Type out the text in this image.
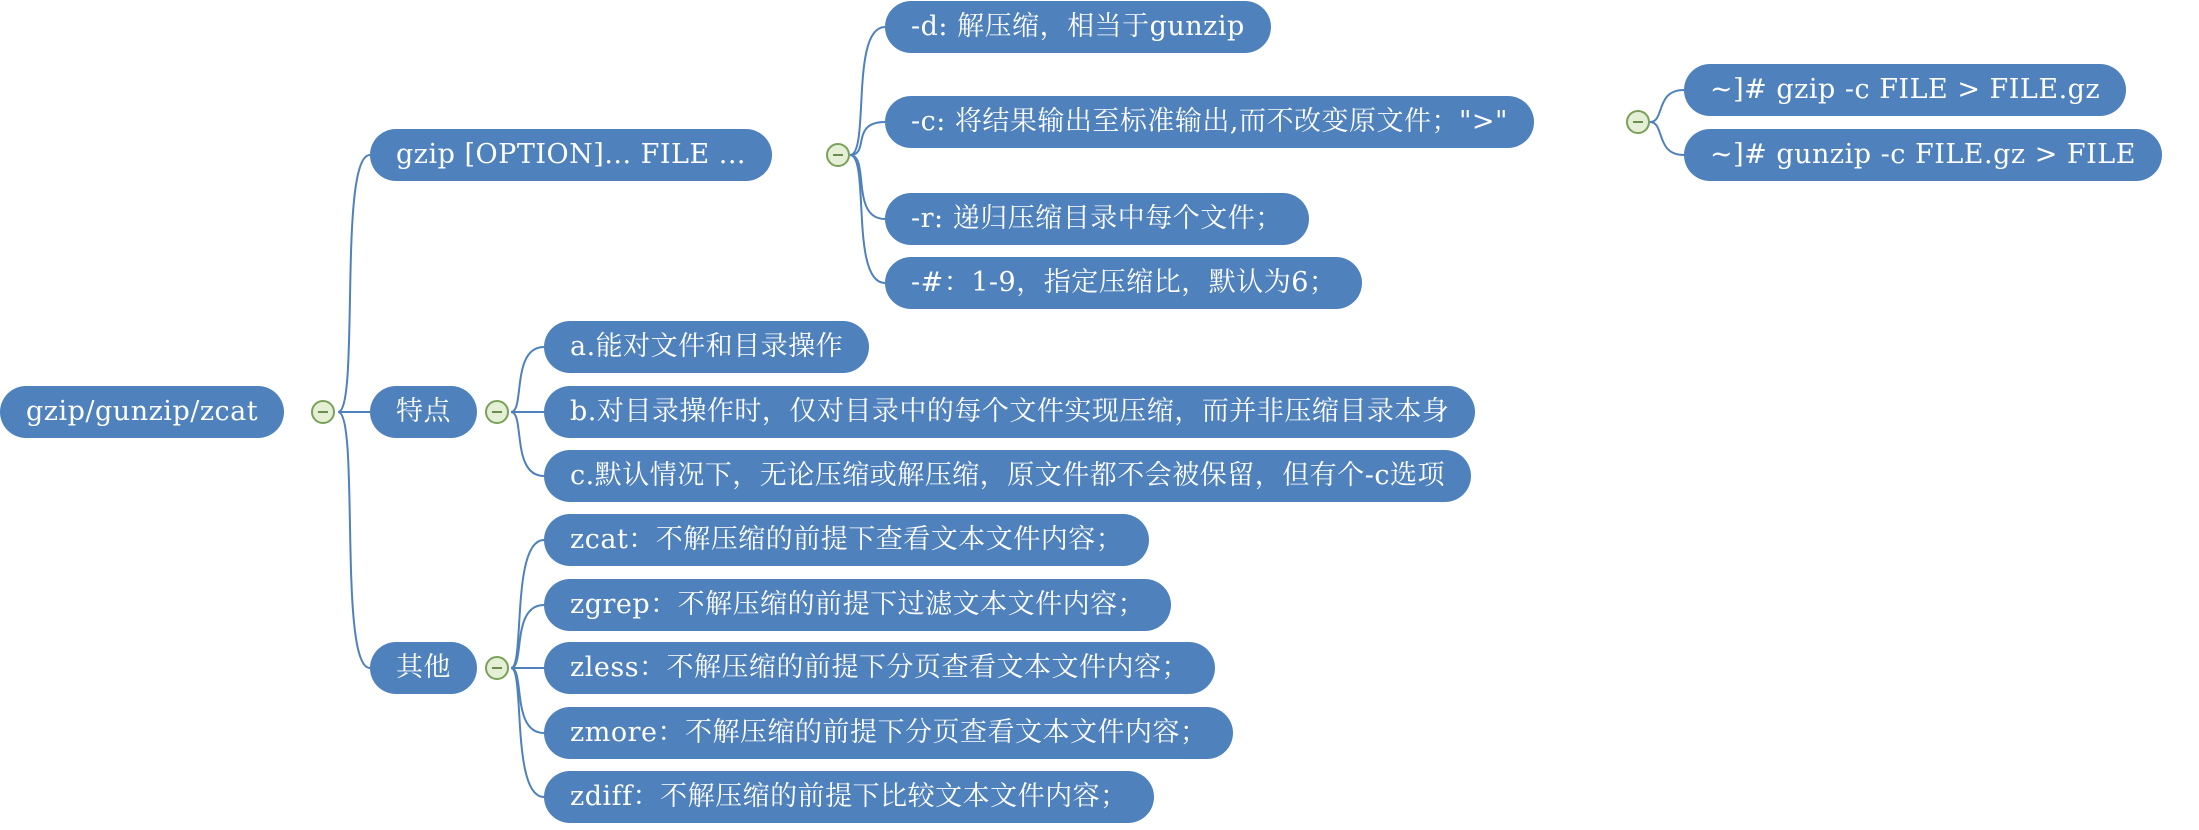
gzip/gunzip/zcat
gzip [OPTION]... FILE ...
-d: 解压缩，相当于gunzip
-c: 将结果输出至标准输出,而不改变原文件；">"
~]# gzip -c FILE > FILE.gz
~]# gunzip -c FILE.gz > FILE
-r: 递归压缩目录中每个文件；
-#：1-9，指定压缩比，默认为6；
特点
a.能对文件和目录操作
b.对目录操作时，仅对目录中的每个文件实现压缩，而并非压缩目录本身
c.默认情况下，无论压缩或解压缩，原文件都不会被保留，但有个-c选项
其他
zcat：不解压缩的前提下查看文本文件内容；
zgrep：不解压缩的前提下过滤文本文件内容；
zless：不解压缩的前提下分页查看文本文件内容；
zmore：不解压缩的前提下分页查看文本文件内容；
zdiff：不解压缩的前提下比较文本文件内容；
